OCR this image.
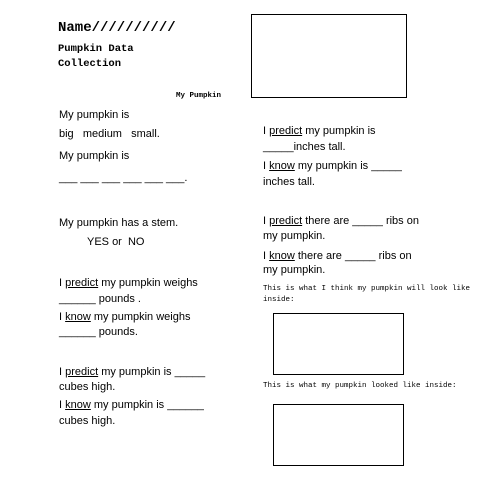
Name//////////
Pumpkin Data
Collection
My Pumpkin
My pumpkin is
big   medium   small.
My pumpkin is
___ ___ ___ ___ ___ ___.
My pumpkin has a stem.
YES or  NO
I predict my pumpkin weighs
______ pounds .
I know my pumpkin weighs
______ pounds.
I predict my pumpkin is _____
cubes high.
I know my pumpkin is ______
cubes high.
I predict my pumpkin is
_____inches tall.
I know my pumpkin is _____
inches tall.
I predict there are _____ ribs on
my pumpkin.
I know there are _____ ribs on
my pumpkin.
This is what I think my pumpkin will look like inside:
This is what my pumpkin looked like inside:
